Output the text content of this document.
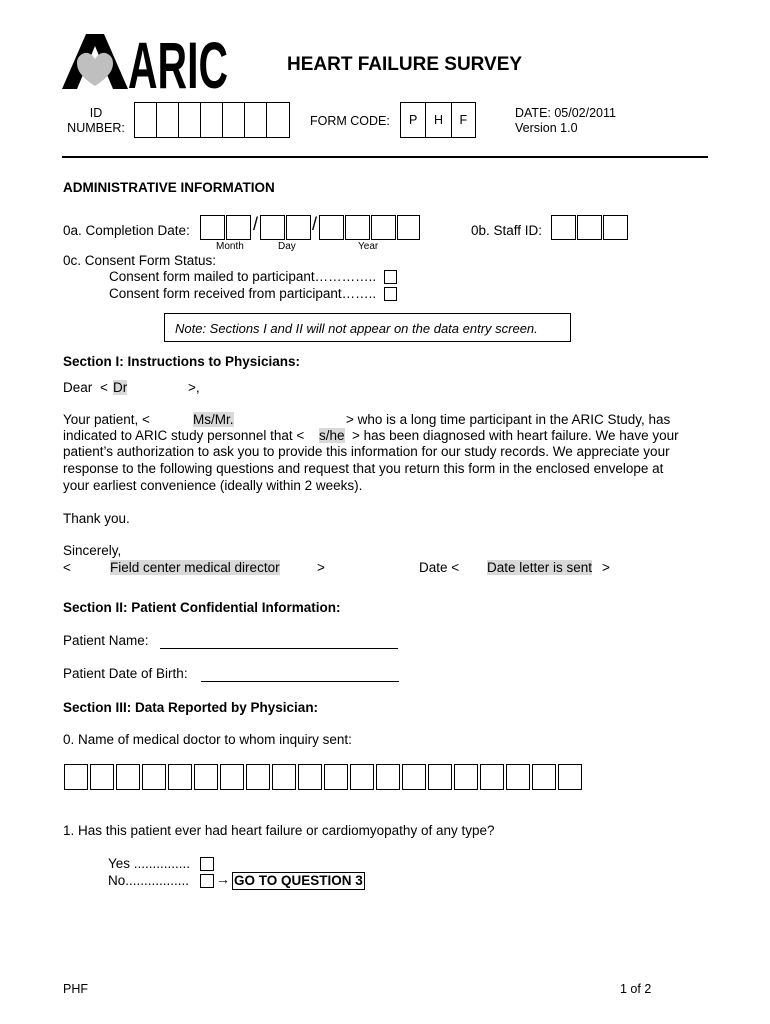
ARIC	HEART FAILURE SURVEY
ID
NUMBER:	FORM CODE:	P	H	F	DATE: 05/02/2011
Version 1.0
ADMINISTRATIVE INFORMATION
0a. Completion Date:	/	/
Month	Day	Year
0b. Staff ID:
0c. Consent Form Status:
Consent form mailed to participant…………..
Consent form received from participant……..
Note: Sections I and II will not appear on the data entry screen.
Section I: Instructions to Physicians:
Dear < Dr	>,
Your patient, <	Ms/Mr.	> who is a long time participant in the ARIC Study, has
indicated to ARIC study personnel that < s/he > has been diagnosed with heart failure. We have your
patient’s authorization to ask you to provide this information for our study records. We appreciate your
response to the following questions and request that you return this form in the enclosed envelope at
your earliest convenience (ideally within 2 weeks).
Thank you.
Sincerely,
<	Field center medical director	>	Date < Date letter is sent >
Section II: Patient Confidential Information:
Patient Name:
Patient Date of Birth:
Section III: Data Reported by Physician:
0. Name of medical doctor to whom inquiry sent:
1. Has this patient ever had heart failure or cardiomyopathy of any type?
Yes ...............
No................. → GO TO QUESTION 3
PHF	1 of 2
